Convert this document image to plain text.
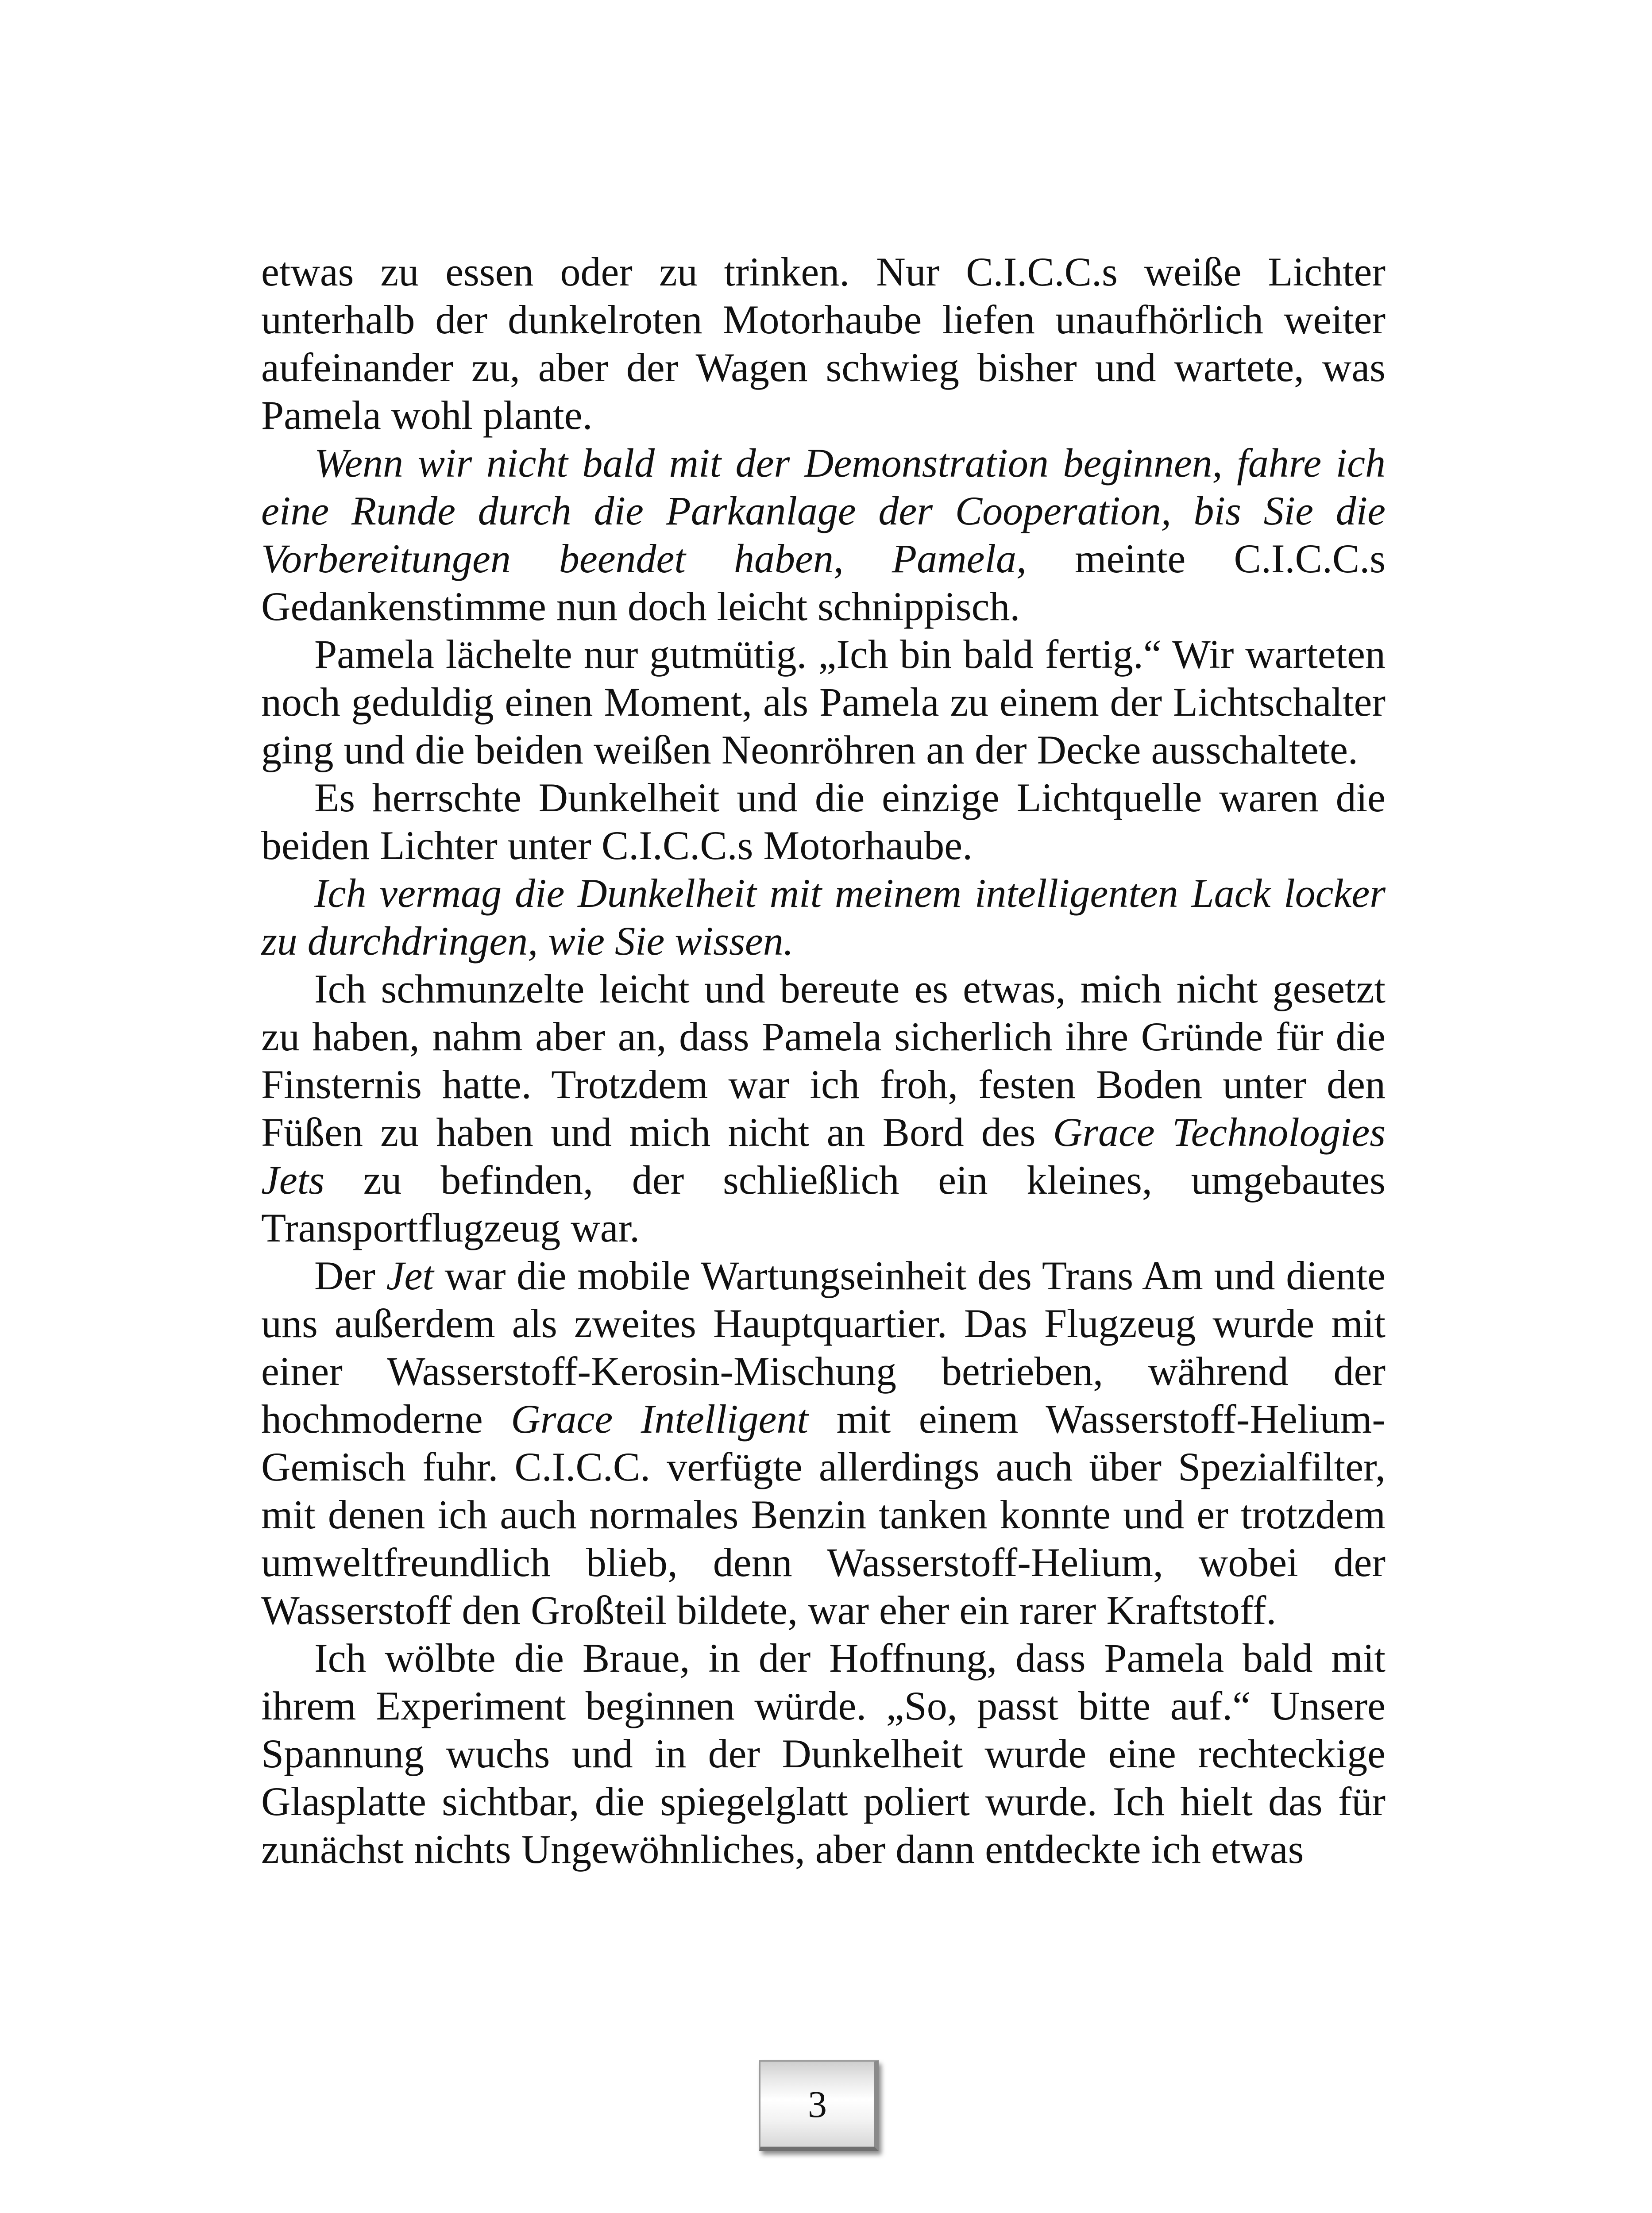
etwas zu essen oder zu trinken. Nur C.I.C.C.s weiße Lichter unterhalb der dunkelroten Motorhaube liefen unaufhörlich weiter aufeinander zu, aber der Wagen schwieg bisher und wartete, was Pamela wohl plante.

Wenn wir nicht bald mit der Demonstration beginnen, fahre ich eine Runde durch die Parkanlage der Cooperation, bis Sie die Vorbereitungen beendet haben, Pamela, meinte C.I.C.C.s Gedankenstimme nun doch leicht schnippisch.

Pamela lächelte nur gutmütig. „Ich bin bald fertig.“ Wir warteten noch geduldig einen Moment, als Pamela zu einem der Lichtschalter ging und die beiden weißen Neonröhren an der Decke ausschaltete.

Es herrschte Dunkelheit und die einzige Lichtquelle waren die beiden Lichter unter C.I.C.C.s Motorhaube.

Ich vermag die Dunkelheit mit meinem intelligenten Lack locker zu durchdringen, wie Sie wissen.

Ich schmunzelte leicht und bereute es etwas, mich nicht gesetzt zu haben, nahm aber an, dass Pamela sicherlich ihre Gründe für die Finsternis hatte. Trotzdem war ich froh, festen Boden unter den Füßen zu haben und mich nicht an Bord des Grace Technologies Jets zu befinden, der schließlich ein kleines, umgebautes Transportflugzeug war.

Der Jet war die mobile Wartungseinheit des Trans Am und diente uns außerdem als zweites Hauptquartier. Das Flugzeug wurde mit einer Wasserstoff-Kerosin-Mischung betrieben, während der hochmoderne Grace Intelligent mit einem Wasserstoff-Helium-Gemisch fuhr. C.I.C.C. verfügte allerdings auch über Spezialfilter, mit denen ich auch normales Benzin tanken konnte und er trotzdem umweltfreundlich blieb, denn Wasserstoff-Helium, wobei der Wasserstoff den Großteil bildete, war eher ein rarer Kraftstoff.

Ich wölbte die Braue, in der Hoffnung, dass Pamela bald mit ihrem Experiment beginnen würde. „So, passt bitte auf.“ Unsere Spannung wuchs und in der Dunkelheit wurde eine rechteckige Glasplatte sichtbar, die spiegelglatt poliert wurde. Ich hielt das für zunächst nichts Ungewöhnliches, aber dann entdeckte ich etwas

3
